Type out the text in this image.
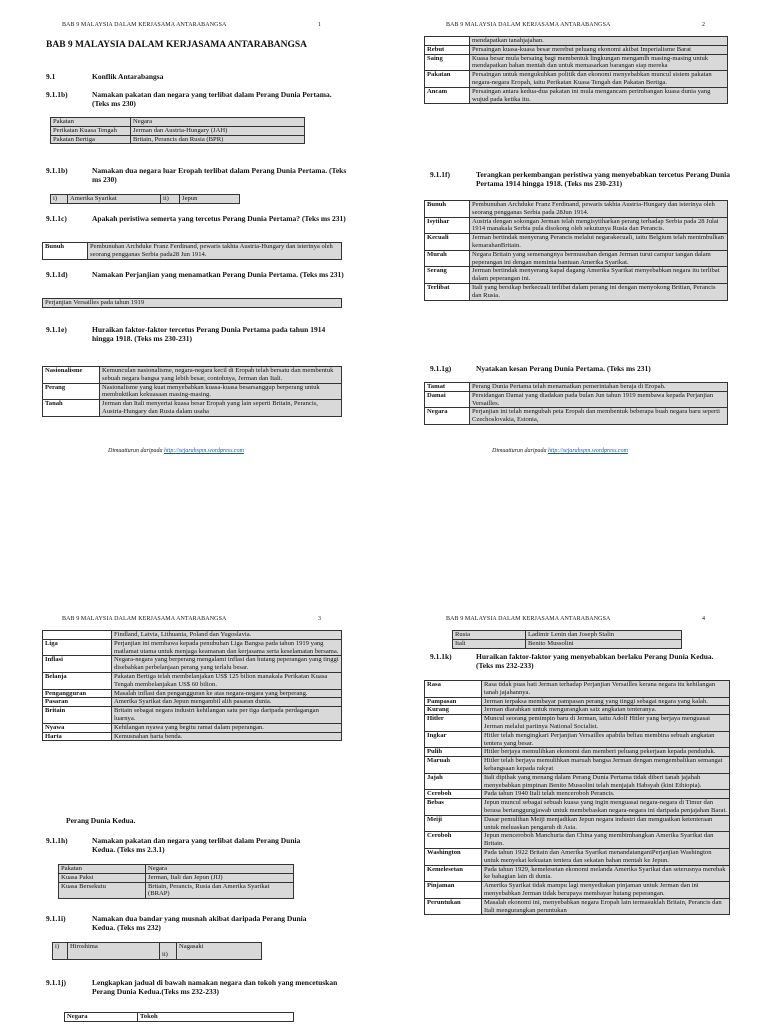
BAB 9 MALAYSIA DALAM KERJASAMA ANTARABANGSA	1
BAB 9 MALAYSIA DALAM KERJASAMA ANTARABANGSA
9.1	Konflik Antarabangsa
9.1.1b)	Namakan pakatan dan negara yang terlibat dalam Perang Dunia Pertama. (Teks ms 230)
Pakatan	Negara
Perikatan Kuasa Tengah	Jerman dan Austria-Hungary (JAH)
Pakatan Bertiga	Britain, Perancis dan Rusia (BPR)
9.1.1b)	Namakan dua negara luar Eropah terlibat dalam Perang Dunia Pertama. (Teks ms 230)
i)	Amerika Syarikat	ii)	Jepun
9.1.1c)	Apakah peristiwa semerta yang tercetus Perang Dunia Pertama? (Teks ms 231)
Bunuh	Pembunuhan Archduke Franz Ferdinand, pewaris takhta Austria-Hungary dan isterinya oleh seorang pengganas Serbia pada28 Jun 1914.
9.1.1d)	Namakan Perjanjian yang menamatkan Perang Dunia Pertama. (Teks ms 231)
Perjanjian Versailles pada tahun 1919
9.1.1e)	Huraikan faktor-faktor tercetus Perang Dunia Pertama pada tahun 1914 hingga 1918. (Teks ms 230-231)
Nasionalisme	Kemunculan nasionalisme, negara-negara kecil di Eropah telah bersatu dan membentuk sebuah negara bangsa yang lebih besar, contohnya, Jerman dan Itali.
Perang	Nasionalisme yang kuat menyebabkan kuasa-kuasa besarsanggup berperang untuk membuktikan kekuasaan masing-masing.
Tanah	Jerman dan Itali menyertai kuasa besar Eropah yang lain seperti Britain, Perancis, Austria-Hungary dan Rusia dalam usaha
Dimuatturun daripada http://sejarahspm.wordpress.com
BAB 9 MALAYSIA DALAM KERJASAMA ANTARABANGSA	2
	mendapatkan tanahjajahan.
Rebut	Persaingan kuasa-kuasa besar merebut peluang ekonomi akibat Imperialisme Barat
Saing	Kuasa besar mula bersaing bagi membentuk lingkungan mengamlh masing-masing untuk mendapatkan bahan mentah dan untuk memasarkan barangan siap mereka
Pakatan	Persaingan untuk mengukuhkan politik dan ekonomi menyebabkan muncul sistem pakatan negara-negara Eropah, iaitu Perikatan Kuasa Tengah dan Pakatan Bertiga.
Ancam	Persaingan antara kedua-dua pakatan ini mula mengancam perimbangan kuasa dunia yang wujud pada ketika itu.
9.1.1f)	Terangkan perkembangan peristiwa yang menyebabkan tercetus Perang Dunia Pertama 1914 hingga 1918. (Teks ms 230-231)
Bunuh	Pembunuhan Archduke Franz Ferdinand, pewaris takhta Austria-Hungary dan isterinya oleh seorang pengganas Serbia pada 28Jun 1914.
Isytihar	Austria dengan sokongan Jerman telah mengisytiharkan perang terhadap Serbia pada 28 Julai 1914 manakala Serbia pula disokong oleh sekutunya Rusia dan Perancis.
Kecuali	Jerman bertindak menyerang Perancis melalui negarakecuali, iaitu Belgium telah menimbulkan kemarahanBritain.
Murah	Negara Britain yang semenangnya bermusuhan dengan Jerman turut campur tangan dalam peperangan ini dengan meminta bantuan Amerika Syarikat.
Serang	Jerman bertindak menyerang kapal dagang Amerika Syarikat menyebabkan negara itu terlibat dalam peperangan ini.
Terlibat	Itali yang bersikap berkecuali terlibat dalam perang ini dengan menyokong Britian, Perancis dan Rusia.
9.1.1g)	Nyatakan kesan Perang Dunia Pertama. (Teks ms 231)
Tamat	Perang Dunia Pertama telah menamatkan pemerintahan beraja di Eropah.
Damai	Persidangan Damai yang diadakan pada bulan Jun tahun 1919 membawa kepada Perjanjian Versailles.
Negara	Perjanjian ini telah mengubah peta Eropah dan membentuk beberapa buah negara baru seperti Czechoslovakia, Estonia,
Dimuatturun daripada http://sejarahspm.wordpress.com
BAB 9 MALAYSIA DALAM KERJASAMA ANTARABANGSA	3
	Findland, Latvia, Lithuania, Poland dan Yugoslavia.
Liga	Perjanjian ini membawa kepada penubuhan Liga Bangsa pada tahun 1919 yang matlamat utama untuk menjaga keamanan dan kerjasama serta keselamatan bersama.
Inflasi	Negara-negara yang berperang mengalami inflasi dan hutang peperangan yang tinggi disebabkan perbelanjaan perang yang terlalu besar.
Belanja	Pakatan Bertiga telah membelanjakan US$ 125 bilion manakala Perikatan Kuasa Tengah membelanjakan US$ 60 bilion.
Pengangguran	Masalah inflasi dan pengangguran ke atas negara-negara yang berperang.
Pasaran	Amerika Syarikat dan Jepun mengambil alih pasaran dunia.
Britain	Britain sebagai negara industri kehilangan satu per tiga daripada perdagangan luarnya.
Nyawa	Kehilangan nyawa yang begitu ramai dalam peperangan.
Harta	Kemusnahan harta benda.
Perang Dunia Kedua.
9.1.1h)	Namakan pakatan dan negara yang terlibat dalam Perang Dunia Kedua. (Teks ms 2.3.1)
Pakatan	Negara
Kuasa Paksi	Jerman, Itali dan Jepun (JIJ)
Kuasa Bersekutu	Britain, Perancis, Rusia dan Amerika Syarikat (BRAP)
9.1.1i)	Namakan dua bandar yang musnah akibat daripada Perang Dunia Kedua. (Teks ms 232)
i)	Hiroshima	ii)	Nagasaki
9.1.1j)	Lengkapkan jadual di bawah namakan negara dan tokoh yang mencetuskan Perang Dunia Kedua.(Teks ms 232-233)
Negara	Tokoh
BAB 9 MALAYSIA DALAM KERJASAMA ANTARABANGSA	4
Rusia	Ladimir Lenin dan Joseph Stalin
Itali	Benito Mussolini
9.1.1k)	Huraikan faktor-faktor yang menyebabkan berlaku Perang Dunia Kedua. (Teks ms 232-233)
Rasa	Rasa tidak puas hati Jerman terhadap Perjanjian Versailles kerana negara itu kehilangan tanah jajahannya.
Pampasan	Jerman terpaksa membayar pampasan perang yang tinggi sebagai negara yang kalah.
Kurang	Jerman diarahkan untuk mengurangkan saiz angkatan tenteranya.
Hitler	Muncul seorang pemimpin baru di Jerman, iaitu Adolf Hitler yang berjaya menguasai Jerman melalui partinya National Socialist.
Ingkar	Hitler telah mengingkari Perjanjian Versailles apabila beliau membina sebuah angkatan tentera yang besar.
Pulih	Hitler berjaya memulihkan ekonomi dan memberi peluang pekerjaan kepada penduduk.
Maruah	Hitler telah berjaya memulihkan maruah bangsa Jerman dengan mengembalikan semangat kebangsaan kepada rakyat
Jajah	Itali dipihak yang menang dalam Perang Dunia Pertama tidak diberi tanah jajahah menyebabkan pimpinan Benito Mussolini telah menjajah Habsyah (kini Ethiopia).
Ceroboh	Pada tahun 1940 Itali telah menceroboh Perancis.
Bebas	Jepun muncul sebagai sebuah kuasa yang ingin menguasai negara-negara di Timur dan berasa bertanggungjawab untuk membebaskan negara-negara ini daripada penjajahan Barat.
Meiji	Dasar pemulihan Meiji menjadikan Jepun negara industri dan menguatkan ketenteraan untuk meluaskan pengaruh di Asia.
Ceroboh	Jepun menceroboh Manchuria dan China yang membimbangkan Amerika Syarikat dan Britain.
Washington	Pada tahun 1922 Britain dan Amerika Syarikat menandatanganiPerjanjian Washington untuk menyekat kekuatan tentera dan sekatan bahan mentah ke Jepun.
Kemelesetan	Pada tahun 1929, kemelesetan ekonomi melanda Amerika Syarikat dan seterusnya merebak ke bahagian lain di dunia.
Pinjaman	Amerika Syarikat tidak mampu lagi menyediakan pinjaman untuk Jerman dan ini menyebabkan Jerman tidak berupaya membayar hutang peperangan.
Peruntukan	Masalah ekonomi ini, menyebabkan negara Eropah lain termasuklah Britain, Perancis dan Itali mengurangkan peruntukan
